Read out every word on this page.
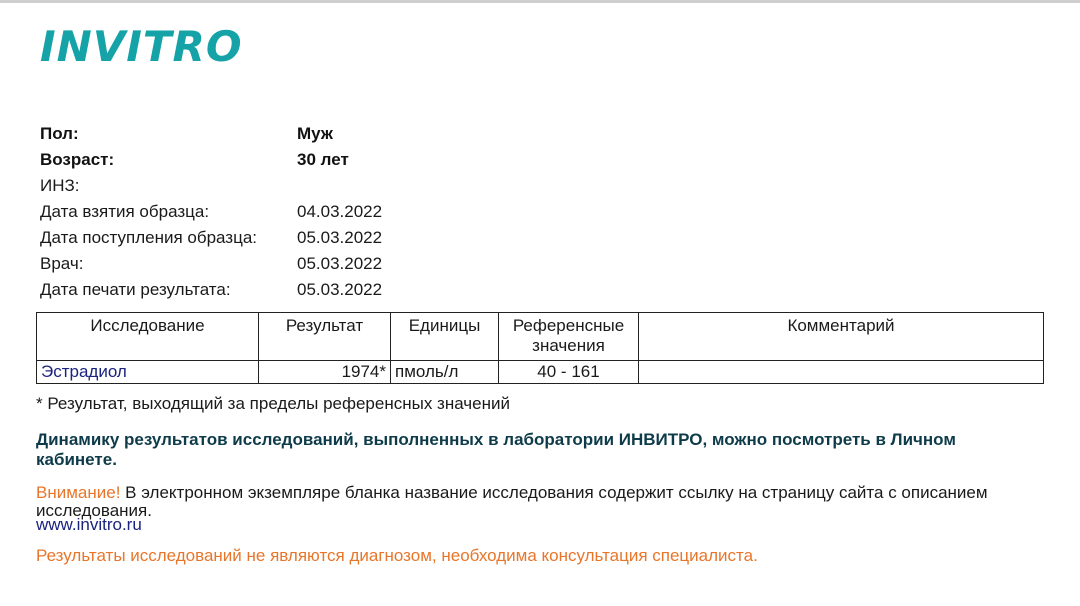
INVITRO
Пол:	Муж
Возраст:	30 лет
ИНЗ:
Дата взятия образца:	04.03.2022
Дата поступления образца: 05.03.2022
Врач:	05.03.2022
Дата печати результата:	05.03.2022
Исследование	Результат	Единицы	Референсные значения	Комментарий
Эстрадиол	1974*	пмоль/л	40 - 161	
* Результат, выходящий за пределы референсных значений
Динамику результатов исследований, выполненных в лаборатории ИНВИТРО, можно посмотреть в Личном кабинете.
Внимание! В электронном экземпляре бланка название исследования содержит ссылку на страницу сайта с описанием исследования.
www.invitro.ru
Результаты исследований не являются диагнозом, необходима консультация специалиста.
